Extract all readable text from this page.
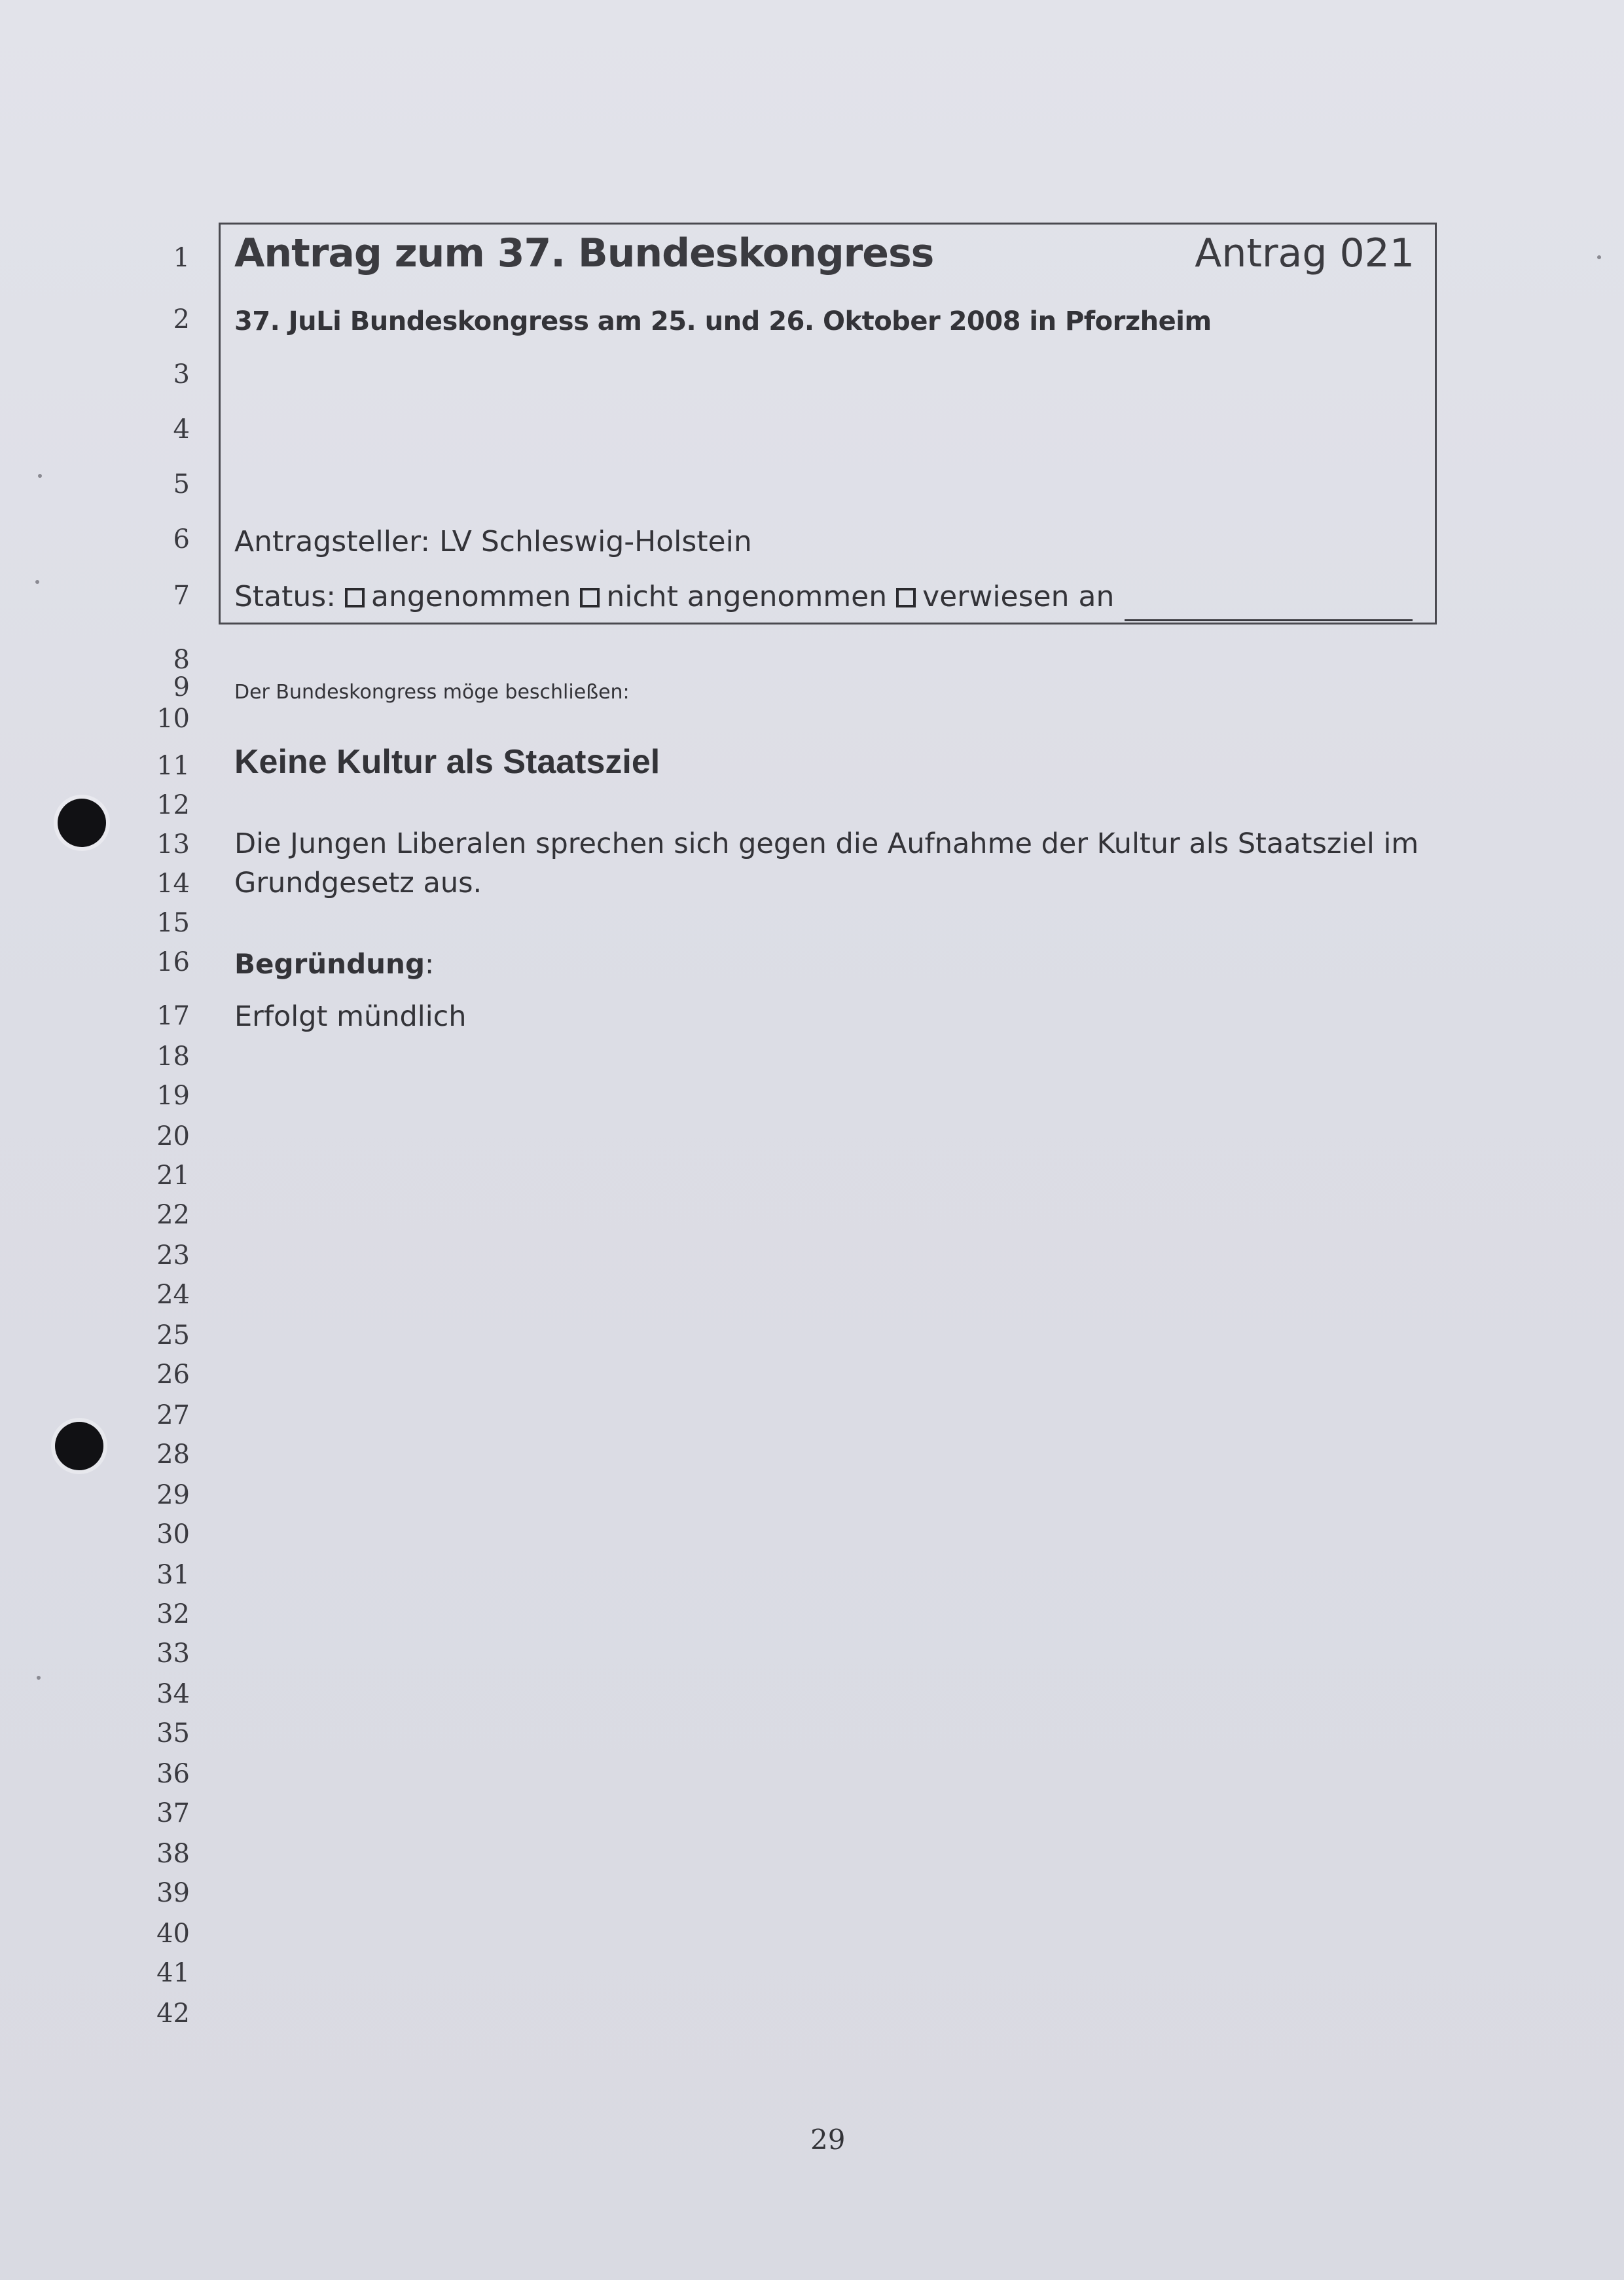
1
2
3
4
5
6
7
8
9
10
11
12
13
14
15
16
17
18
19
20
21
22
23
24
25
26
27
28
29
30
31
32
33
34
35
36
37
38
39
40
41
42
Antrag zum 37. Bundeskongress	Antrag 021
37. JuLi Bundeskongress am 25. und 26. Oktober 2008 in Pforzheim
Antragsteller: LV Schleswig-Holstein
Status: angenommen nicht angenommen verwiesen an
Der Bundeskongress möge beschließen:
Keine Kultur als Staatsziel
Die Jungen Liberalen sprechen sich gegen die Aufnahme der Kultur als Staatsziel im
Grundgesetz aus.
Begründung:
Erfolgt mündlich
29
